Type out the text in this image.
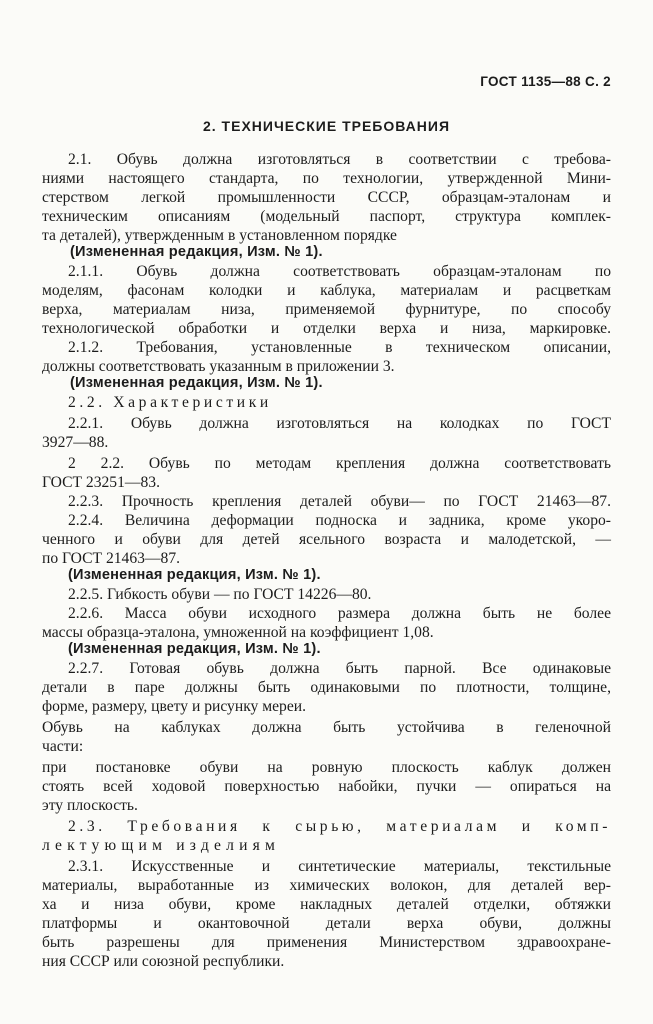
ГОСТ 1135—88 С. 2
2. ТЕХНИЧЕСКИЕ ТРЕБОВАНИЯ
2.1. Обувь должна изготовляться в соответствии с требова-
ниями настоящего стандарта, по технологии, утвержденной Мини-
стерством легкой промышленности СССР, образцам-эталонам и
техническим описаниям (модельный паспорт, структура комплек-
та деталей), утвержденным в установленном порядке
(Измененная редакция, Изм. № 1).
2.1.1. Обувь должна соответствовать образцам-эталонам по
моделям, фасонам колодки и каблука, материалам и расцветкам
верха, материалам низа, применяемой фурнитуре, по способу
технологической обработки и отделки верха и низа, маркировке.
2.1.2. Требования, установленные в техническом описании,
должны соответствовать указанным в приложении 3.
(Измененная редакция, Изм. № 1).
2.2. Характеристики
2.2.1. Обувь должна изготовляться на колодках по ГОСТ
3927—88.
2 2.2. Обувь по методам крепления должна соответствовать
ГОСТ 23251—83.
2.2.3. Прочность крепления деталей обуви— по ГОСТ 21463—87.
2.2.4. Величина деформации подноска и задника, кроме укоро-
ченного и обуви для детей ясельного возраста и малодетской, —
по ГОСТ 21463—87.
(Измененная редакция, Изм. № 1).
2.2.5. Гибкость обуви — по ГОСТ 14226—80.
2.2.6. Масса обуви исходного размера должна быть не более
массы образца-эталона, умноженной на коэффициент 1,08.
(Измененная редакция, Изм. № 1).
2.2.7. Готовая обувь должна быть парной. Все одинаковые
детали в паре должны быть одинаковыми по плотности, толщине,
форме, размеру, цвету и рисунку мереи.
Обувь на каблуках должна быть устойчива в геленочной
части:
при постановке обуви на ровную плоскость каблук должен
стоять всей ходовой поверхностью набойки, пучки — опираться на
эту плоскость.
2.3. Требования к сырью, материалам и комп-
лектующим изделиям
2.3.1. Искусственные и синтетические материалы, текстильные
материалы, выработанные из химических волокон, для деталей вер-
ха и низа обуви, кроме накладных деталей отделки, обтяжки
платформы и окантовочной детали верха обуви, должны
быть разрешены для применения Министерством здравоохране-
ния СССР или союзной республики.
